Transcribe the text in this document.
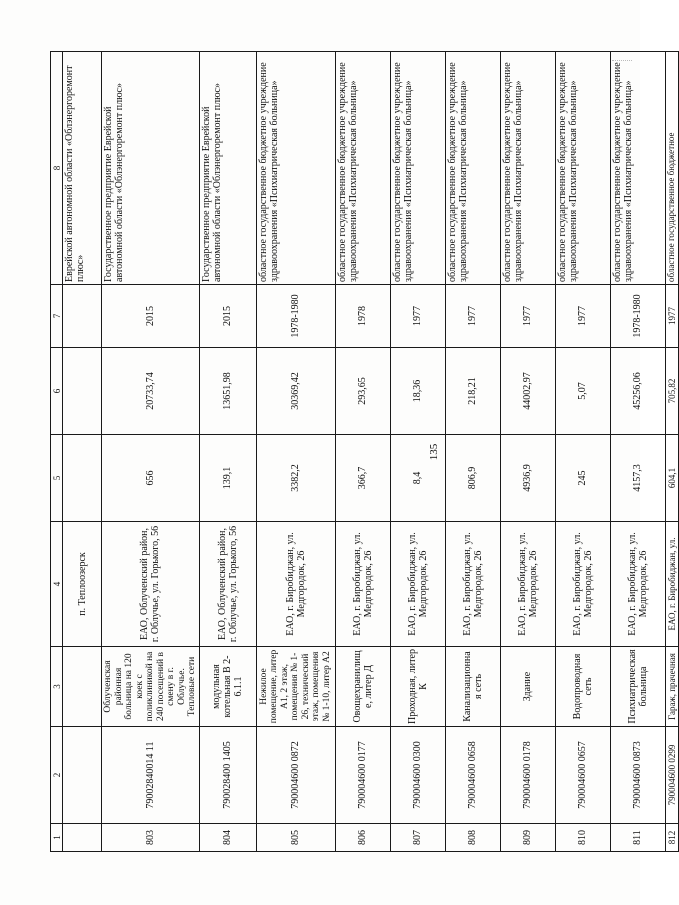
135
1	2	3	4	5	6	7	8
			п. Теплоозерск				Еврейской автономной области «Облэнергоремонт плюс»
803	79002840014 11	Облученская районная больница на 120 коек с поликлиникой на 240 посещений в смену в г. Облучье. Тепловые сети	ЕАО, Облученский район, г. Облучье, ул. Горького, 56	656	20733,74	2015	Государственное предприятие Еврейской автономной области «Облэнергоремонт плюс»
804	790028400 1405	модульная котельная В 2-6.1.1	ЕАО, Облученский район, г. Облучье, ул. Горького, 56	139,1	13651,98	2015	Государственное предприятие Еврейской автономной области «Облэнергоремонт плюс»
805	790004600 0872	Нежилое помещение, литер А1, 2 этаж, помещения № 1-26, технический этаж, помещения № 1-10, литер А2	ЕАО, г. Биробиджан, ул. Медгородок, 26	3382,2	30369,42	1978-1980	областное государственное бюджетное учреждение здравоохранения «Психиатрическая больница»
806	790004600 0177	Овощехранилище, литер Д	ЕАО, г. Биробиджан, ул. Медгородок, 26	366,7	293,65	1978	областное государственное бюджетное учреждение здравоохранения «Психиатрическая больница»
807	790004600 0300	Проходная, литер К	ЕАО, г. Биробиджан, ул. Медгородок, 26	8,4	18,36	1977	областное государственное бюджетное учреждение здравоохранения «Психиатрическая больница»
808	790004600 0658	Канализационная сеть	ЕАО, г. Биробиджан, ул. Медгородок, 26	806,9	218,21	1977	областное государственное бюджетное учреждение здравоохранения «Психиатрическая больница»
809	790004600 0178	Здание	ЕАО, г. Биробиджан, ул. Медгородок, 26	4936,9	44002,97	1977	областное государственное бюджетное учреждение здравоохранения «Психиатрическая больница»
810	790004600 0657	Водопроводная сеть	ЕАО, г. Биробиджан, ул. Медгородок, 26	245	5,07	1977	областное государственное бюджетное учреждение здравоохранения «Психиатрическая больница»
811	790004600 0873	Психиатрическая больница	ЕАО, г. Биробиджан, ул. Медгородок, 26	4157,3	45256,06	1978-1980	областное государственное бюджетное учреждение здравоохранения «Психиатрическая больница»
812	790004600 0299	Гараж, прачечная	ЕАО, г. Биробиджан, ул.	604,1	705,82	1977	областное государственное бюджетное
